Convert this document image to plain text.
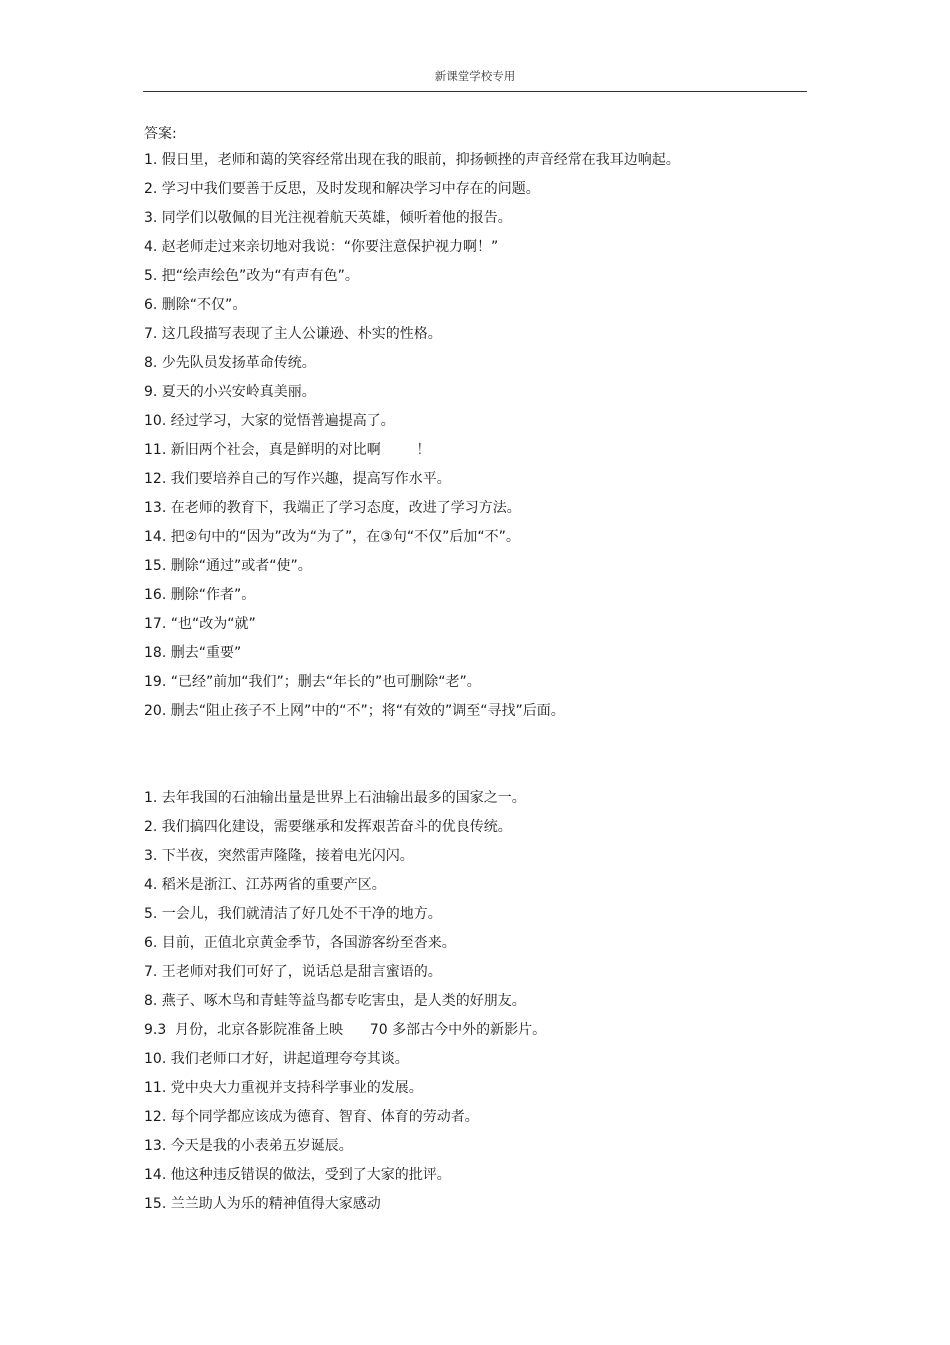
新课堂学校专用
答案:
1. 假日里，老师和蔼的笑容经常出现在我的眼前，抑扬顿挫的声音经常在我耳边响起。
2. 学习中我们要善于反思，及时发现和解决学习中存在的问题。
3. 同学们以敬佩的目光注视着航天英雄，倾听着他的报告。
4. 赵老师走过来亲切地对我说：“你要注意保护视力啊！”
5. 把“绘声绘色”改为“有声有色”。
6. 删除“不仅”。
7. 这几段描写表现了主人公谦逊、朴实的性格。
8. 少先队员发扬革命传统。
9. 夏天的小兴安岭真美丽。
10. 经过学习，大家的觉悟普遍提高了。
11. 新旧两个社会，真是鲜明的对比啊        ！
12. 我们要培养自己的写作兴趣，提高写作水平。
13. 在老师的教育下，我端正了学习态度，改进了学习方法。
14. 把②句中的“因为”改为“为了”，在③句“不仅”后加“不”。
15. 删除“通过”或者“使”。
16. 删除“作者”。
17. “也“改为“就”
18. 删去“重要”
19. “已经”前加“我们”；删去“年长的”也可删除“老”。
20. 删去“阻止孩子不上网”中的“不”；将“有效的”调至“寻找”后面。
1. 去年我国的石油输出量是世界上石油输出最多的国家之一。
2. 我们搞四化建设，需要继承和发挥艰苦奋斗的优良传统。
3. 下半夜，突然雷声隆隆，接着电光闪闪。
4. 稻米是浙江、江苏两省的重要产区。
5. 一会儿，我们就清洁了好几处不干净的地方。
6. 目前，正值北京黄金季节，各国游客纷至沓来。
7. 王老师对我们可好了，说话总是甜言蜜语的。
8. 燕子、啄木鸟和青蛙等益鸟都专吃害虫，是人类的好朋友。
9.3  月份，北京各影院准备上映      70 多部古今中外的新影片。
10. 我们老师口才好，讲起道理夸夸其谈。
11. 党中央大力重视并支持科学事业的发展。
12. 每个同学都应该成为德育、智育、体育的劳动者。
13. 今天是我的小表弟五岁诞辰。
14. 他这种违反错误的做法，受到了大家的批评。
15. 兰兰助人为乐的精神值得大家感动
